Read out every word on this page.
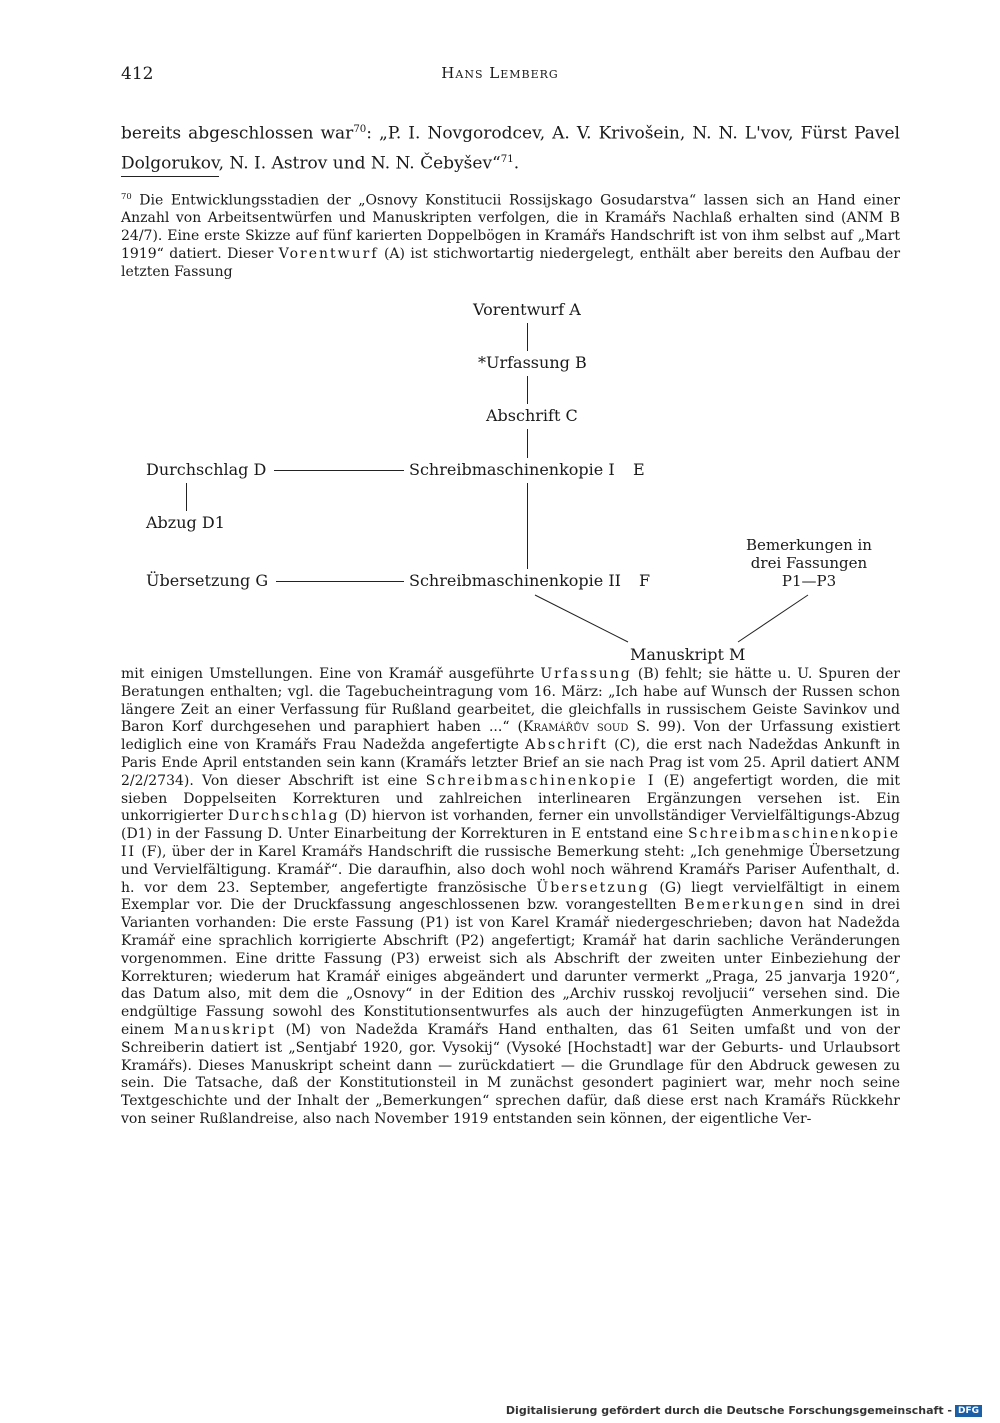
412	Hans Lemberg
bereits abgeschlossen war$^{70}$: „P. I. Novgorodcev, A. V. Krivošein, N. N. L'vov, Fürst Pavel Dolgorukov, N. I. Astrov und N. N. Čebyšev“$^{71}$.
$^{70}$ Die Entwicklungsstadien der „Osnovy Konstitucii Rossijskago Gosudarstva“ lassen sich an Hand einer Anzahl von Arbeitsentwürfen und Manuskripten verfolgen, die in Kramářs Nachlaß erhalten sind (ANM B 24/7). Eine erste Skizze auf fünf karierten Doppelbögen in Kramářs Handschrift ist von ihm selbst auf „Mart 1919“ datiert. Dieser Vorentwurf (A) ist stichwortartig niedergelegt, enthält aber bereits den Aufbau der letzten Fassung
Vorentwurf A
*Urfassung B
Abschrift C
Durchschlag D	Schreibmaschinenkopie I E
Abzug D1
Bemerkungen in
drei Fassungen
P1—P3
Übersetzung G	Schreibmaschinenkopie II F
Manuskript M
mit einigen Umstellungen. Eine von Kramář ausgeführte Urfassung (B) fehlt; sie hätte u. U. Spuren der Beratungen enthalten; vgl. die Tagebucheintragung vom 16. März: „Ich habe auf Wunsch der Russen schon längere Zeit an einer Verfassung für Rußland gearbeitet, die gleichfalls in russischem Geiste Savinkov und Baron Korf durchgesehen und paraphiert haben ...“ (Kramářův soud S. 99). Von der Urfassung existiert lediglich eine von Kramářs Frau Nadežda angefertigte Abschrift (C), die erst nach Nadeždas Ankunft in Paris Ende April entstanden sein kann (Kramářs letzter Brief an sie nach Prag ist vom 25. April datiert ANM 2/2/2734). Von dieser Abschrift ist eine Schreibmaschinenkopie I (E) angefertigt worden, die mit sieben Doppelseiten Korrekturen und zahlreichen interlinearen Ergänzungen versehen ist. Ein unkorrigierter Durchschlag (D) hiervon ist vorhanden, ferner ein unvollständiger Vervielfältigungs-Abzug (D1) in der Fassung D. Unter Einarbeitung der Korrekturen in E entstand eine Schreibmaschinenkopie II (F), über der in Karel Kramářs Handschrift die russische Bemerkung steht: „Ich genehmige Übersetzung und Vervielfältigung. Kramář“. Die daraufhin, also doch wohl noch während Kramářs Pariser Aufenthalt, d. h. vor dem 23. September, angefertigte französische Übersetzung (G) liegt vervielfältigt in einem Exemplar vor. Die der Druckfassung angeschlossenen bzw. vorangestellten Bemerkungen sind in drei Varianten vorhanden: Die erste Fassung (P1) ist von Karel Kramář niedergeschrieben; davon hat Nadežda Kramář eine sprachlich korrigierte Abschrift (P2) angefertigt; Kramář hat darin sachliche Veränderungen vorgenommen. Eine dritte Fassung (P3) erweist sich als Abschrift der zweiten unter Einbeziehung der Korrekturen; wiederum hat Kramář einiges abgeändert und darunter vermerkt „Praga, 25 janvarja 1920“, das Datum also, mit dem die „Osnovy“ in der Edition des „Archiv russkoj revoljucii“ versehen sind. Die endgültige Fassung sowohl des Konstitutionsentwurfes als auch der hinzugefügten Anmerkungen ist in einem Manuskript (M) von Nadežda Kramářs Hand enthalten, das 61 Seiten umfaßt und von der Schreiberin datiert ist „Sentjabŕ 1920, gor. Vysokij“ (Vysoké [Hochstadt] war der Geburts- und Urlaubsort Kramářs). Dieses Manuskript scheint dann — zurückdatiert — die Grundlage für den Abdruck gewesen zu sein. Die Tatsache, daß der Konstitutionsteil in M zunächst gesondert paginiert war, mehr noch seine Textgeschichte und der Inhalt der „Bemerkungen“ sprechen dafür, daß diese erst nach Kramářs Rückkehr von seiner Rußlandreise, also nach November 1919 entstanden sein können, der eigentliche Ver-
Digitalisierung gefördert durch die Deutsche Forschungsgemeinschaft - DFG
